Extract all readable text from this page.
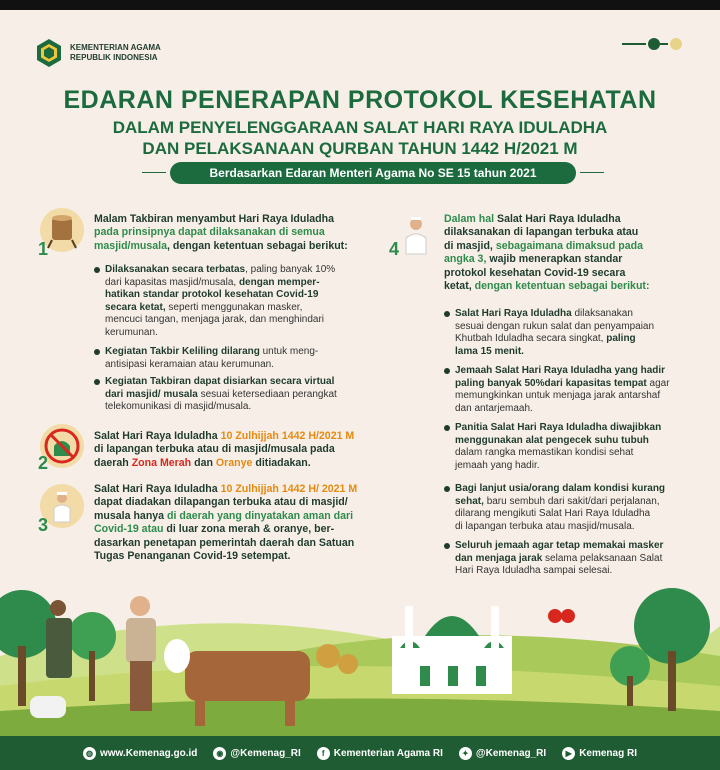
KEMENTERIAN AGAMA
REPUBLIK INDONESIA
EDARAN PENERAPAN PROTOKOL KESEHATAN
DALAM PENYELENGGARAAN SALAT HARI RAYA IDULADHA
DAN PELAKSANAAN QURBAN TAHUN 1442 H/2021 M
Berdasarkan Edaran Menteri Agama No SE 15 tahun 2021
1
Malam Takbiran menyambut Hari Raya Iduladha
pada prinsipnya dapat dilaksanakan di semua
masjid/musala, dengan ketentuan sebagai berikut:
Dilaksanakan secara terbatas, paling banyak 10%
dari kapasitas masjid/musala, dengan memper-
hatikan standar protokol kesehatan Covid-19
secara ketat, seperti menggunakan masker,
mencuci tangan, menjaga jarak, dan menghindari
kerumunan.
Kegiatan Takbir Keliling dilarang untuk meng-
antisipasi keramaian atau kerumunan.
Kegiatan Takbiran dapat disiarkan secara virtual
dari masjid/ musala sesuai ketersediaan perangkat
telekomunikasi di masjid/musala.
2
Salat Hari Raya Iduladha 10 Zulhijjah 1442 H/2021 M
di lapangan terbuka atau di masjid/musala pada
daerah Zona Merah dan Oranye ditiadakan.
3
Salat Hari Raya Iduladha 10 Zulhijjah 1442 H/ 2021 M
dapat diadakan dilapangan terbuka atau di masjid/
musala hanya di daerah yang dinyatakan aman dari
Covid-19 atau di luar zona merah & oranye, ber-
dasarkan penetapan pemerintah daerah dan Satuan
Tugas Penanganan Covid-19 setempat.
4
Dalam hal Salat Hari Raya Iduladha
dilaksanakan di lapangan terbuka atau
di masjid, sebagaimana dimaksud pada
angka 3, wajib menerapkan standar
protokol kesehatan Covid-19 secara
ketat, dengan ketentuan sebagai berikut:
Salat Hari Raya Iduladha dilaksanakan
sesuai dengan rukun salat dan penyampaian
Khutbah Iduladha secara singkat, paling
lama 15 menit.
Jemaah Salat Hari Raya Iduladha yang hadir
paling banyak 50%dari kapasitas tempat agar
memungkinkan untuk menjaga jarak antarshaf
dan antarjemaah.
Panitia Salat Hari Raya Iduladha diwajibkan
menggunakan alat pengecek suhu tubuh
dalam rangka memastikan kondisi sehat
jemaah yang hadir.
Bagi lanjut usia/orang dalam kondisi kurang
sehat, baru sembuh dari sakit/dari perjalanan,
dilarang mengikuti Salat Hari Raya Iduladha
di lapangan terbuka atau masjid/musala.
Seluruh jemaah agar tetap memakai masker
dan menjaga jarak selama pelaksanaan Salat
Hari Raya Iduladha sampai selesai.
◍ www.Kemenag.go.id	◉ @Kemenag_RI	f Kementerian Agama RI	✦ @Kemenag_RI	▶ Kemenag RI
